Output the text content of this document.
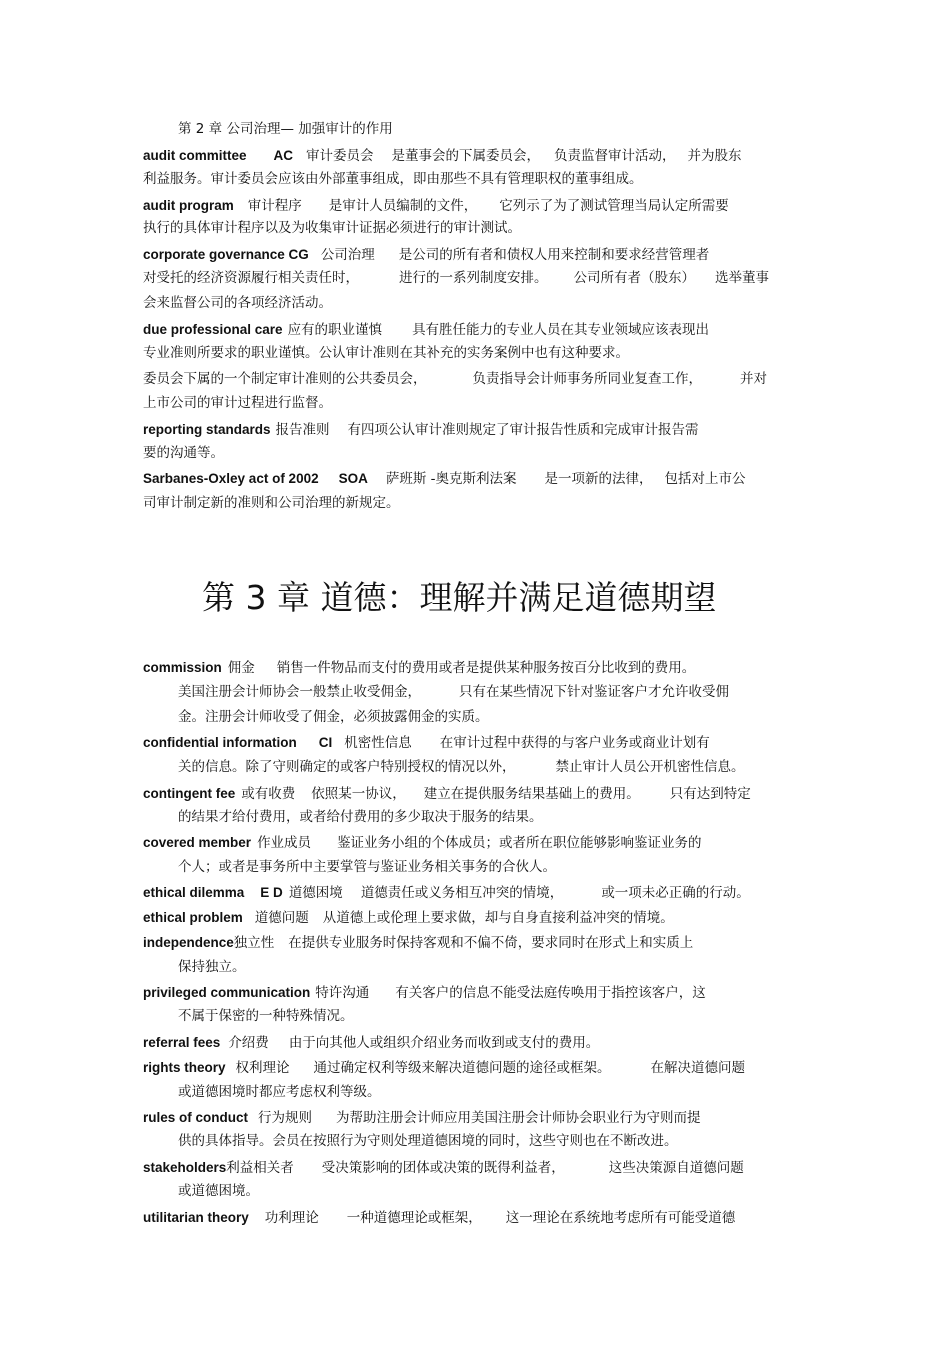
第 2 章 公司治理— 加强审计的作用
audit committee AC 审计委员会 是董事会的下属委员会， 负责监督审计活动， 并为股东
利益服务。审计委员会应该由外部董事组成，即由那些不具有管理职权的董事组成。
audit program 审计程序 是审计人员编制的文件， 它列示了为了测试管理当局认定所需要
执行的具体审计程序以及为收集审计证据必须进行的审计测试。
corporate governance CG 公司治理 是公司的所有者和债权人用来控制和要求经营管理者
对受托的经济资源履行相关责任时，	进行的一系列制度安排。 公司所有者（股东） 选举董事
会来监督公司的各项经济活动。
due professional care 应有的职业谨慎 具有胜任能力的专业人员在其专业领域应该表现出
专业准则所要求的职业谨慎。公认审计准则在其补充的实务案例中也有这种要求。
委员会下属的一个制定审计准则的公共委员会，	负责指导会计师事务所同业复查工作，	并对
上市公司的审计过程进行监督。
reporting standards 报告准则 有四项公认审计准则规定了审计报告性质和完成审计报告需
要的沟通等。
Sarbanes-Oxley act of 2002 SOA 萨班斯 -奥克斯利法案 是一项新的法律， 包括对上市公
司审计制定新的准则和公司治理的新规定。
第 3 章 道德：理解并满足道德期望
commission 佣金 销售一件物品而支付的费用或者是提供某种服务按百分比收到的费用。
美国注册会计师协会一般禁止收受佣金，	只有在某些情况下针对鉴证客户才允许收受佣
金。注册会计师收受了佣金，必须披露佣金的实质。
confidential information CI 机密性信息 在审计过程中获得的与客户业务或商业计划有
关的信息。除了守则确定的或客户特别授权的情况以外，	禁止审计人员公开机密性信息。
contingent fee 或有收费 依照某一协议， 建立在提供服务结果基础上的费用。 只有达到特定
的结果才给付费用，或者给付费用的多少取决于服务的结果。
covered member 作业成员 鉴证业务小组的个体成员；或者所在职位能够影响鉴证业务的
个人；或者是事务所中主要掌管与鉴证业务相关事务的合伙人。
ethical dilemma E D 道德困境 道德责任或义务相互冲突的情境，	或一项未必正确的行动。
ethical problem 道德问题 从道德上或伦理上要求做，却与自身直接利益冲突的情境。
independence独立性 在提供专业服务时保持客观和不偏不倚，要求同时在形式上和实质上
保持独立。
privileged communication 特许沟通 有关客户的信息不能受法庭传唤用于指控该客户，这
不属于保密的一种特殊情况。
referral fees 介绍费 由于向其他人或组织介绍业务而收到或支付的费用。
rights theory 权利理论 通过确定权利等级来解决道德问题的途径或框架。	在解决道德问题
或道德困境时都应考虑权利等级。
rules of conduct 行为规则 为帮助注册会计师应用美国注册会计师协会职业行为守则而提
供的具体指导。会员在按照行为守则处理道德困境的同时，这些守则也在不断改进。
stakeholders利益相关者 受决策影响的团体或决策的既得利益者，	这些决策源自道德问题
或道德困境。
utilitarian theory 功利理论 一种道德理论或框架， 这一理论在系统地考虑所有可能受道德
